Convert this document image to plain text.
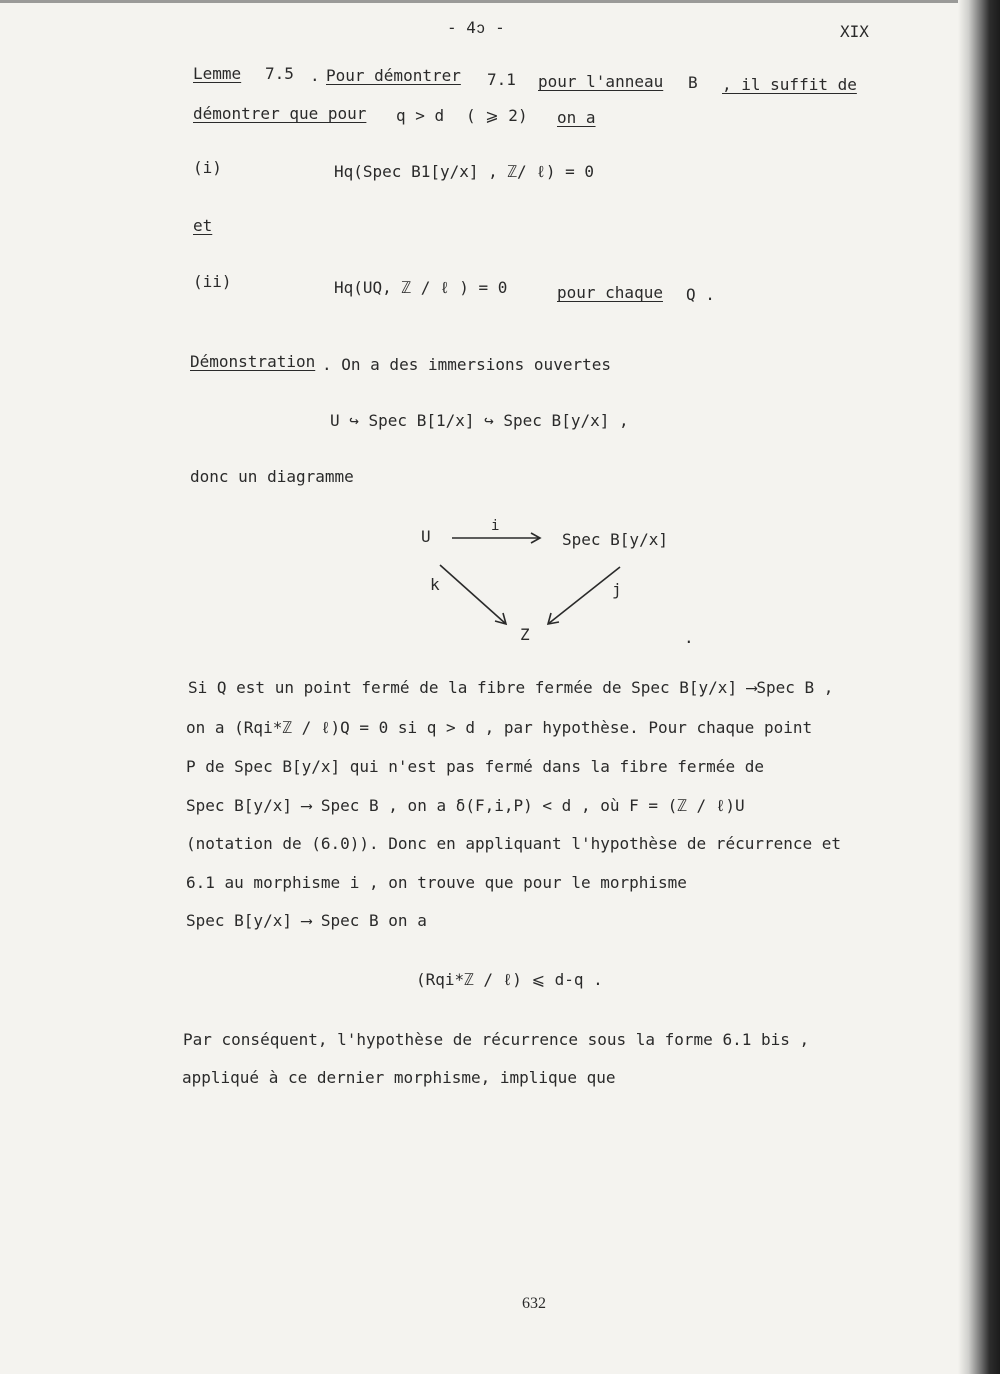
- 4ↄ -	XIX
Lemme 7.5 . Pour démontrer 7.1 pour l'anneau B , il suffit de
démontrer que pour q > d ( ⩾ 2) on a
(i)	Hq(Spec B1[y/x] , ℤ/ ℓ) = 0
et
(ii)	Hq(UQ, ℤ / ℓ ) = 0	pour chaque Q .
Démonstration . On a des immersions ouvertes
U ↪ Spec B[1/x] ↪ Spec B[y/x] ,
donc un diagramme
U
i
Spec B[y/x]
k	j
Z	.
Si Q est un point fermé de la fibre fermée de Spec B[y/x] ⟶Spec B ,
on a (Rqi*ℤ / ℓ)Q = 0 si q > d , par hypothèse. Pour chaque point
P de Spec B[y/x] qui n'est pas fermé dans la fibre fermée de
Spec B[y/x] ⟶ Spec B , on a δ(F,i,P) < d , où F = (ℤ / ℓ)U
(notation de (6.0)). Donc en appliquant l'hypothèse de récurrence et
6.1 au morphisme i , on trouve que pour le morphisme
Spec B[y/x] ⟶ Spec B on a
(Rqi*ℤ / ℓ) ⩽ d-q .
Par conséquent, l'hypothèse de récurrence sous la forme 6.1 bis ,
appliqué à ce dernier morphisme, implique que
632
